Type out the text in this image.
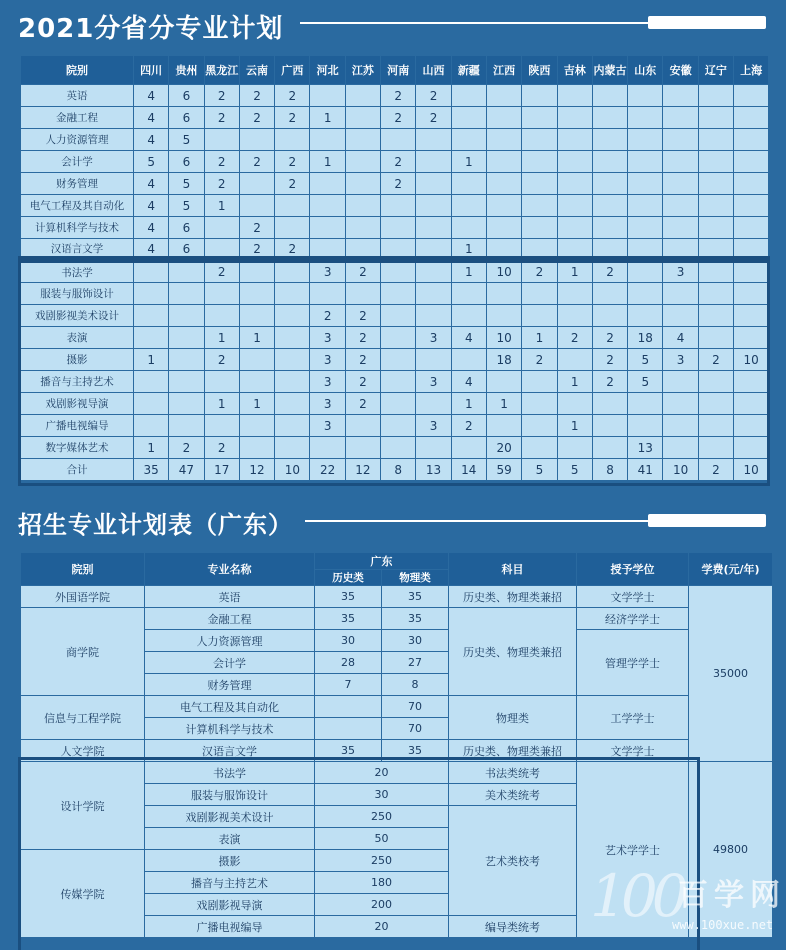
2021分省分专业计划
院别	四川	贵州	黑龙江	云南	广西	河北	江苏	河南	山西	新疆	江西	陕西	吉林	内蒙古	山东	安徽	辽宁	上海
英语	4	6	2	2	2			2	2									
金融工程	4	6	2	2	2	1		2	2									
人力资源管理	4	5																
会计学	5	6	2	2	2	1		2		1								
财务管理	4	5	2		2			2										
电气工程及其自动化	4	5	1															
计算机科学与技术	4	6		2														
汉语言文学	4	6		2	2					1								
书法学			2			3	2			1	10	2	1	2		3		
服装与服饰设计																		
戏剧影视美术设计						2	2											
表演			1	1		3	2		3	4	10	1	2	2	18	4		
摄影	1		2			3	2				18	2		2	5	3	2	10
播音与主持艺术						3	2		3	4			1	2	5			
戏剧影视导演			1	1		3	2			1	1							
广播电视编导						3			3	2			1					
数字媒体艺术	1	2	2								20				13			
合计	35	47	17	12	10	22	12	8	13	14	59	5	5	8	41	10	2	10
招生专业计划表（广东）
院别	专业名称	广东		科目	授予学位	学费(元/年)
		历史类	物理类			
外国语学院	英语	35	35	历史类、物理类兼招	文学学士	35000
商学院	金融工程	35	35	历史类、物理类兼招	经济学学士	
	人力资源管理	30	30		管理学学士	
	会计学	28	27			
	财务管理	7	8			
信息与工程学院	电气工程及其自动化		70	物理类	工学学士	
	计算机科学与技术		70			
人文学院	汉语言文学	35	35	历史类、物理类兼招	文学学士	
设计学院	书法学	20		书法类统考	艺术学学士	49800
	服装与服饰设计	30		美术类统考		
	戏剧影视美术设计	250		艺术类校考		
	表演	50				
传媒学院	摄影	250				
	播音与主持艺术	180				
	戏剧影视导演	200				
	广播电视编导	20		编导类统考		100
百学网
www.100xue.net
